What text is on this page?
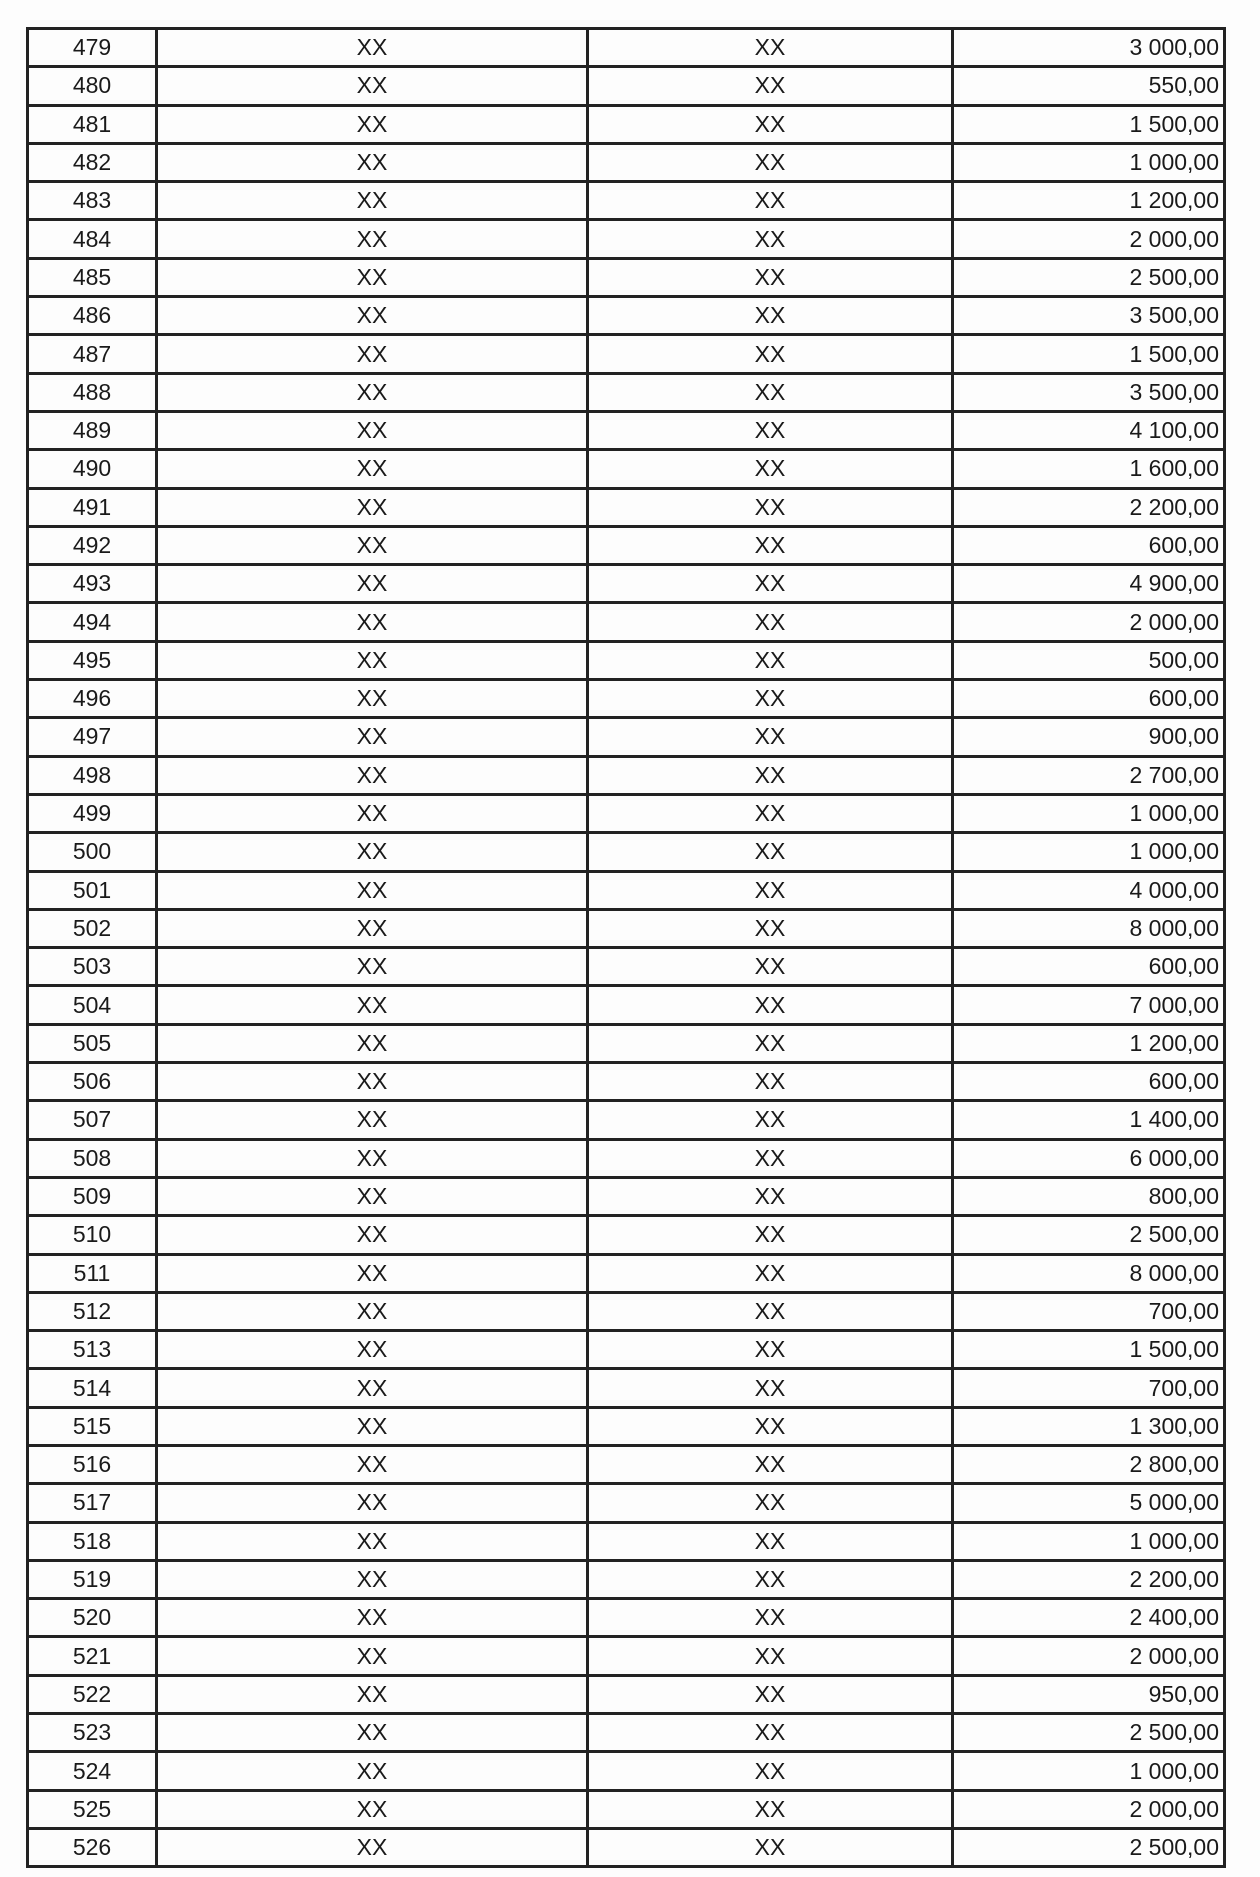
479	XX	XX	3 000,00
480	XX	XX	550,00
481	XX	XX	1 500,00
482	XX	XX	1 000,00
483	XX	XX	1 200,00
484	XX	XX	2 000,00
485	XX	XX	2 500,00
486	XX	XX	3 500,00
487	XX	XX	1 500,00
488	XX	XX	3 500,00
489	XX	XX	4 100,00
490	XX	XX	1 600,00
491	XX	XX	2 200,00
492	XX	XX	600,00
493	XX	XX	4 900,00
494	XX	XX	2 000,00
495	XX	XX	500,00
496	XX	XX	600,00
497	XX	XX	900,00
498	XX	XX	2 700,00
499	XX	XX	1 000,00
500	XX	XX	1 000,00
501	XX	XX	4 000,00
502	XX	XX	8 000,00
503	XX	XX	600,00
504	XX	XX	7 000,00
505	XX	XX	1 200,00
506	XX	XX	600,00
507	XX	XX	1 400,00
508	XX	XX	6 000,00
509	XX	XX	800,00
510	XX	XX	2 500,00
511	XX	XX	8 000,00
512	XX	XX	700,00
513	XX	XX	1 500,00
514	XX	XX	700,00
515	XX	XX	1 300,00
516	XX	XX	2 800,00
517	XX	XX	5 000,00
518	XX	XX	1 000,00
519	XX	XX	2 200,00
520	XX	XX	2 400,00
521	XX	XX	2 000,00
522	XX	XX	950,00
523	XX	XX	2 500,00
524	XX	XX	1 000,00
525	XX	XX	2 000,00
526	XX	XX	2 500,00
